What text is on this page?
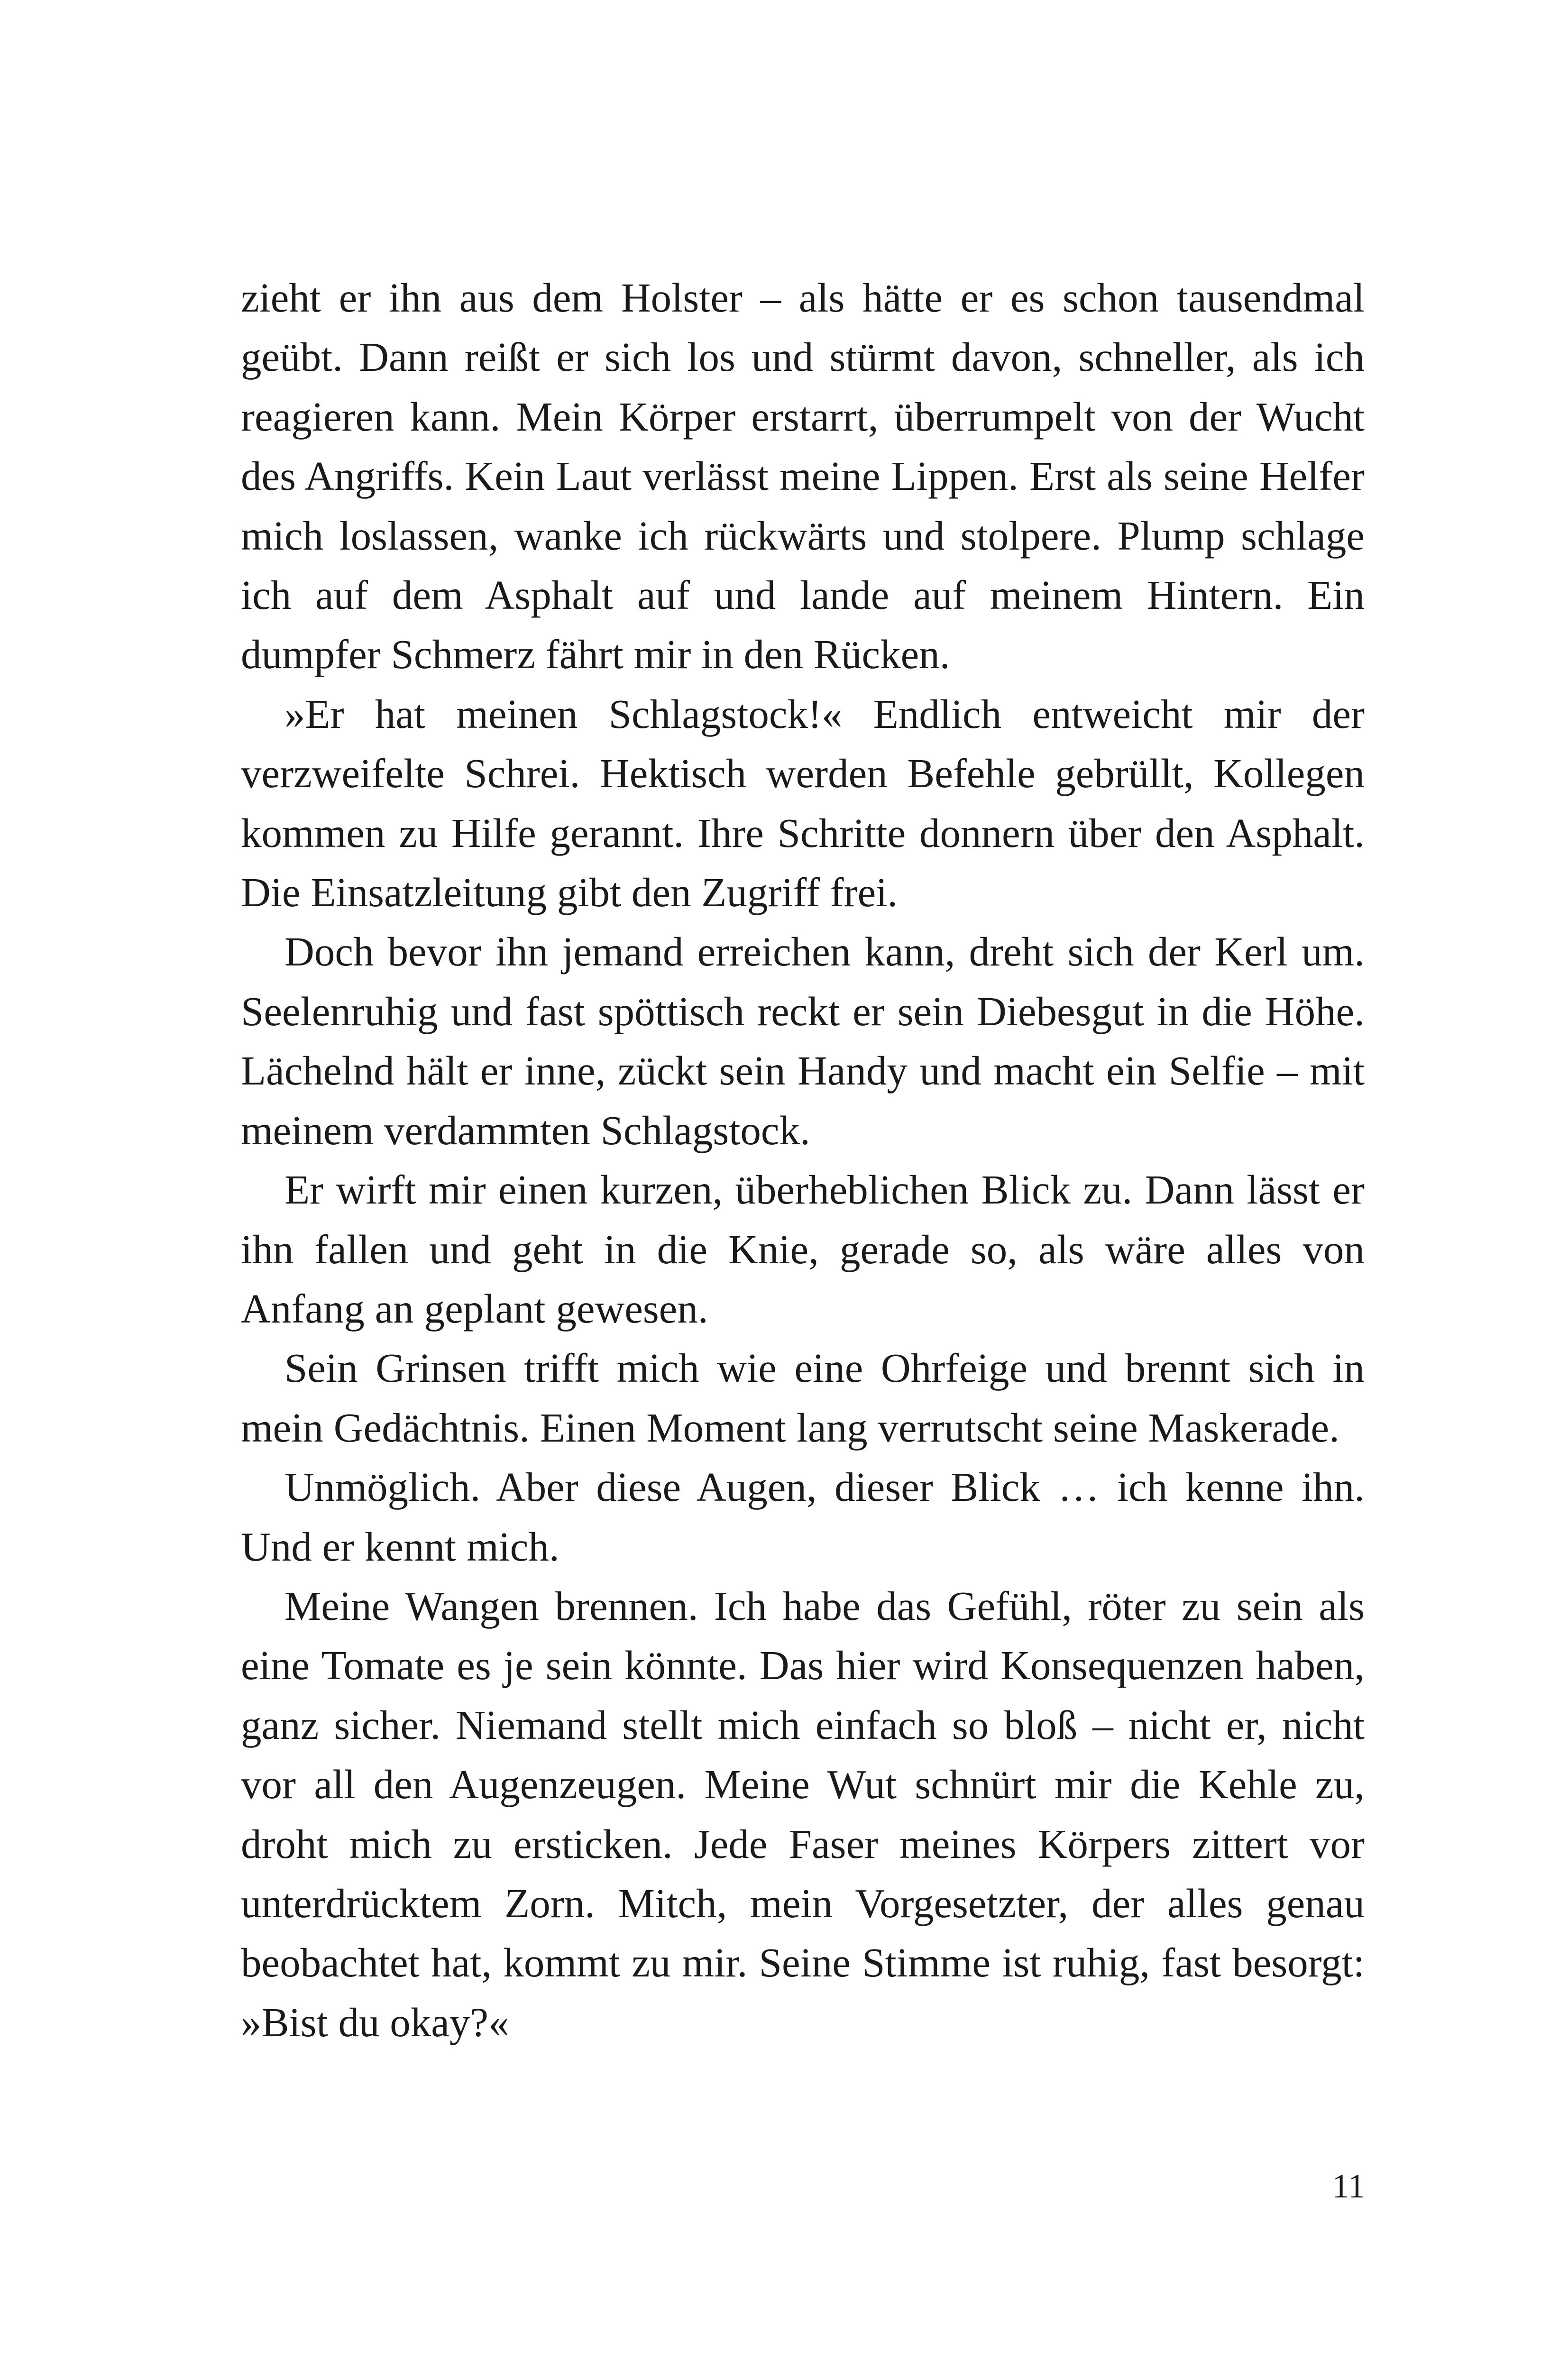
zieht er ihn aus dem Holster – als hätte er es schon tausendmal geübt. Dann reißt er sich los und stürmt davon, schneller, als ich reagieren kann. Mein Körper erstarrt, überrumpelt von der Wucht des Angriffs. Kein Laut verlässt meine Lippen. Erst als seine Helfer mich loslassen, wanke ich rückwärts und stolpere. Plump schlage ich auf dem Asphalt auf und lande auf meinem Hintern. Ein dumpfer Schmerz fährt mir in den Rücken.

»Er hat meinen Schlagstock!« Endlich entweicht mir der verzweifelte Schrei. Hektisch werden Befehle gebrüllt, Kollegen kommen zu Hilfe gerannt. Ihre Schritte donnern über den Asphalt. Die Einsatzleitung gibt den Zugriff frei.

Doch bevor ihn jemand erreichen kann, dreht sich der Kerl um. Seelenruhig und fast spöttisch reckt er sein Diebesgut in die Höhe. Lächelnd hält er inne, zückt sein Handy und macht ein Selfie – mit meinem verdammten Schlagstock.

Er wirft mir einen kurzen, überheblichen Blick zu. Dann lässt er ihn fallen und geht in die Knie, gerade so, als wäre alles von Anfang an geplant gewesen.

Sein Grinsen trifft mich wie eine Ohrfeige und brennt sich in mein Gedächtnis. Einen Moment lang verrutscht seine Maskerade.

Unmöglich. Aber diese Augen, dieser Blick … ich kenne ihn. Und er kennt mich.

Meine Wangen brennen. Ich habe das Gefühl, röter zu sein als eine Tomate es je sein könnte. Das hier wird Konsequenzen haben, ganz sicher. Niemand stellt mich einfach so bloß – nicht er, nicht vor all den Augenzeugen. Meine Wut schnürt mir die Kehle zu, droht mich zu ersticken. Jede Faser meines Körpers zittert vor unterdrücktem Zorn. Mitch, mein Vorgesetzter, der alles genau beobachtet hat, kommt zu mir. Seine Stimme ist ruhig, fast besorgt: »Bist du okay?«

11
